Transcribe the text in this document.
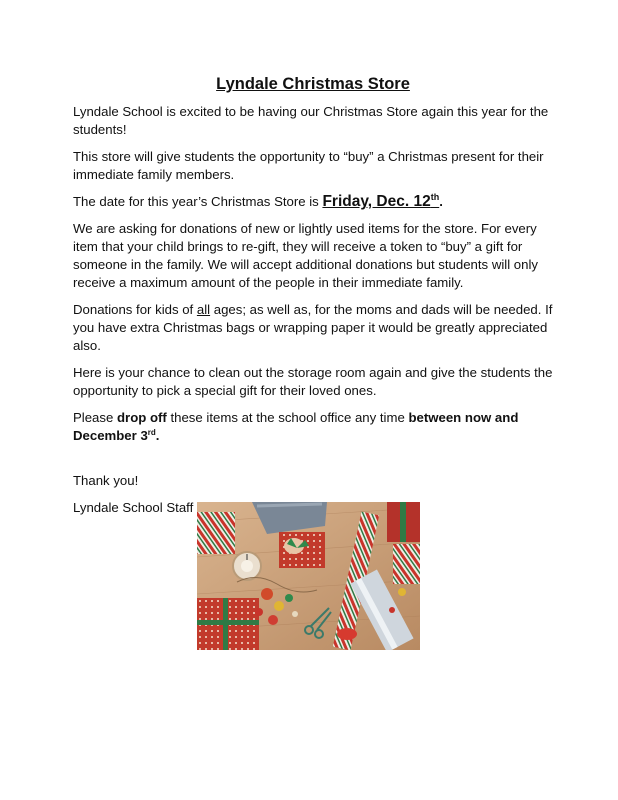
Lyndale Christmas Store

Lyndale School is excited to be having our Christmas Store again this year for the students!

This store will give students the opportunity to “buy” a Christmas present for their immediate family members.

The date for this year’s Christmas Store is Friday, Dec. 12th.

We are asking for donations of new or lightly used items for the store. For every item that your child brings to re-gift, they will receive a token to “buy” a gift for someone in the family. We will accept additional donations but students will only receive a maximum amount of the people in their immediate family.

Donations for kids of all ages; as well as, for the moms and dads will be needed. If you have extra Christmas bags or wrapping paper it would be greatly appreciated also.

Here is your chance to clean out the storage room again and give the students the opportunity to pick a special gift for their loved ones.

Please drop off these items at the school office any time between now and December 3rd.

Thank you!

Lyndale School Staff
